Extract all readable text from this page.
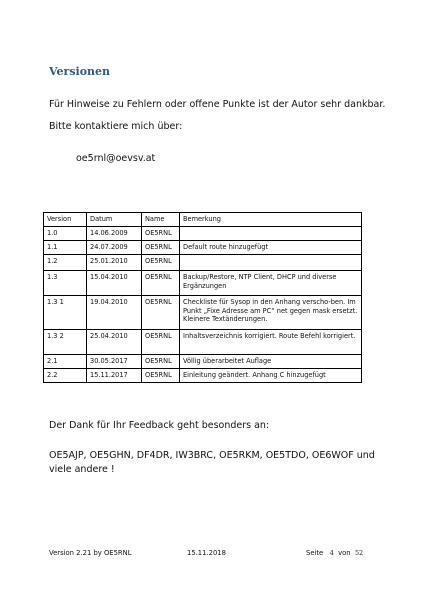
Versionen

Für Hinweise zu Fehlern oder offene Punkte ist der Autor sehr dankbar.

Bitte kontaktiere mich über:

oe5rnl@oevsv.at

Version	Datum	Name	Bemerkung
1.0	14.06.2009	OE5RNL	
1.1	24.07.2009	OE5RNL	Default route hinzugefügt
1.2	25.01.2010	OE5RNL	
1.3	15.04.2010	OE5RNL	Backup/Restore, NTP Client, DHCP und diverse Ergänzungen
1.3 1	19.04.2010	OE5RNL	Checkliste für Sysop in den Anhang verscho-ben. Im Punkt „Fixe Adresse am PC“ net gegen mask ersetzt. Kleinere Textänderungen.
1.3 2	25.04.2010	OE5RNL	Inhaltsverzeichnis korrigiert. Route Befehl korrigiert.
2.1	30.05.2017	OE5RNL	Völlig überarbeitet Auflage
2.2	15.11.2017	OE5RNL	Einleitung geändert. Anhang C hinzugefügt

Der Dank für Ihr Feedback geht besonders an:

OE5AJP, OE5GHN, DF4DR, IW3BRC, OE5RKM, OE5TDO, OE6WOF und viele andere !

Version 2.21 by OE5RNL	15.11.2018	Seite 4 von 52
